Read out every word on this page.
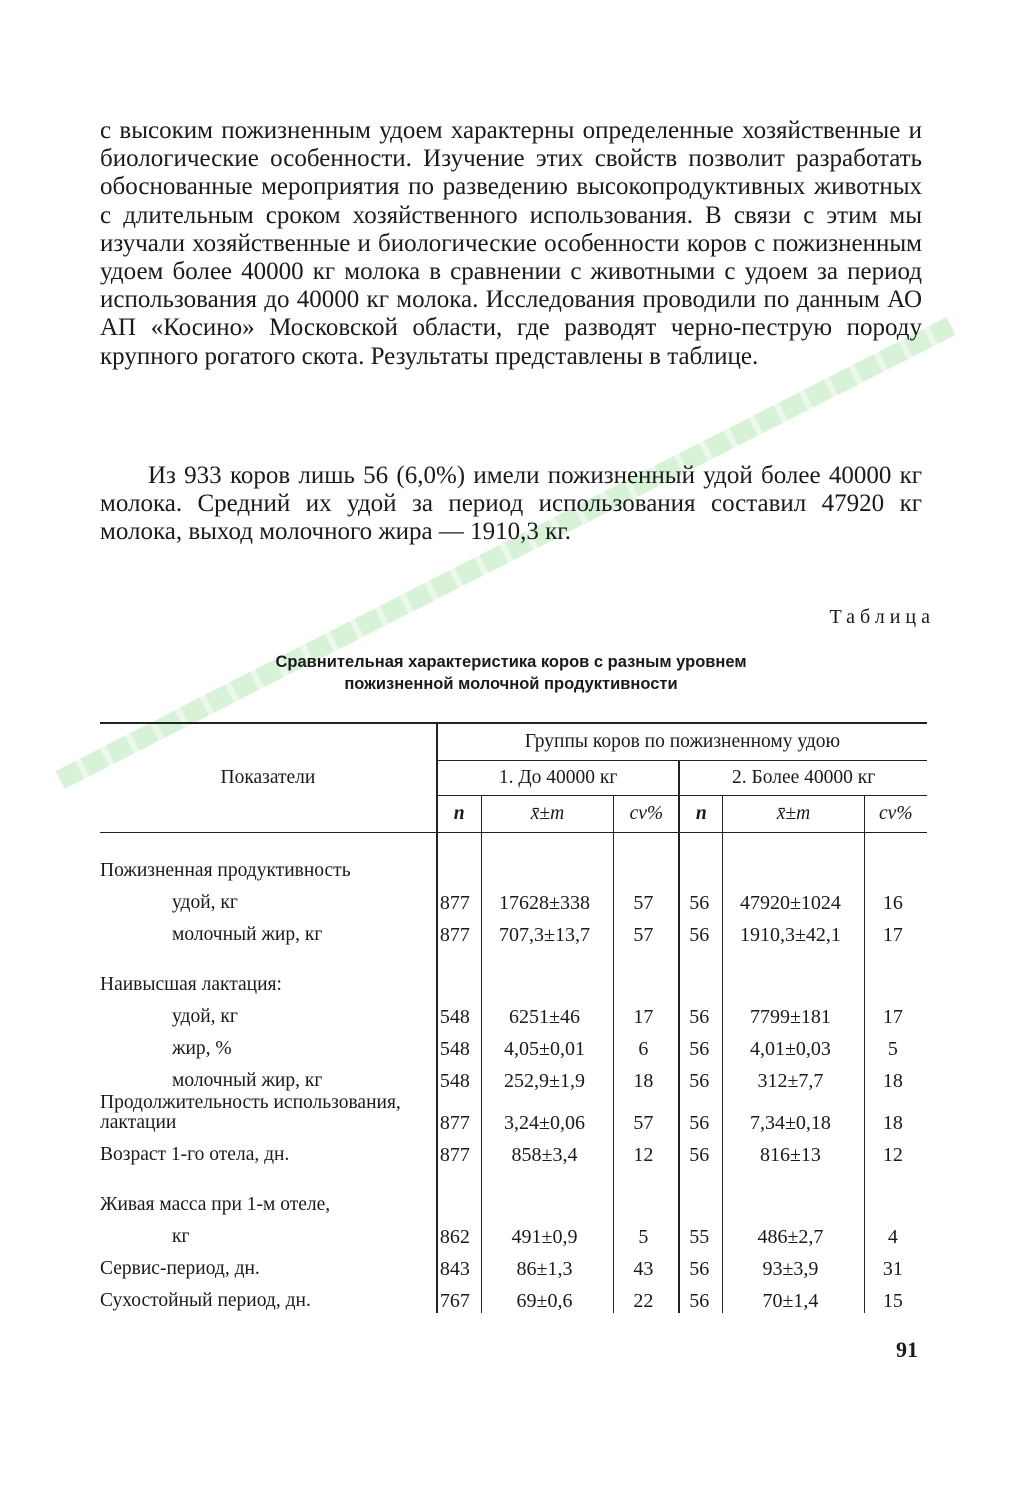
с высоким пожизненным удоем характерны определенные хозяйственные и биологические особенности. Изучение этих свойств позволит разработать обоснованные мероприятия по разведению высокопродуктивных животных с длительным сроком хозяйственного использования. В связи с этим мы изучали хозяйственные и биологические особенности коров с пожизненным удоем более 40000 кг молока в сравнении с животными с удоем за период использования до 40000 кг молока. Исследования проводили по данным АО АП «Косино» Московской области, где разводят черно-пеструю породу крупного рогатого скота. Результаты представлены в таблице.

Из 933 коров лишь 56 (6,0%) имели пожизненный удой более 40000 кг молока. Средний их удой за период использования составил 47920 кг молока, выход молочного жира — 1910,3 кг.

Таблица
Сравнительная характеристика коров с разным уровнем
пожизненной молочной продуктивности
Показатели	Группы коров по пожизненному удою					
	1. До 40000 кг			2. Более 40000 кг		
	n	x̄±m	cv%	n	x̄±m	cv%
Пожизненная продуктивность						
удой, кг	877	17628±338	57	56	47920±1024	16
молочный жир, кг	877	707,3±13,7	57	56	1910,3±42,1	17
Наивысшая лактация:						
удой, кг	548	6251±46	17	56	7799±181	17
жир, %	548	4,05±0,01	6	56	4,01±0,03	5
молочный жир, кг	548	252,9±1,9	18	56	312±7,7	18
Продолжительность использования, лактации	877	3,24±0,06	57	56	7,34±0,18	18
Возраст 1-го отела, дн.	877	858±3,4	12	56	816±13	12
Живая масса при 1-м отеле,						
кг	862	491±0,9	5	55	486±2,7	4
Сервис-период, дн.	843	86±1,3	43	56	93±3,9	31
Сухостойный период, дн.	767	69±0,6	22	56	70±1,4	15
91
